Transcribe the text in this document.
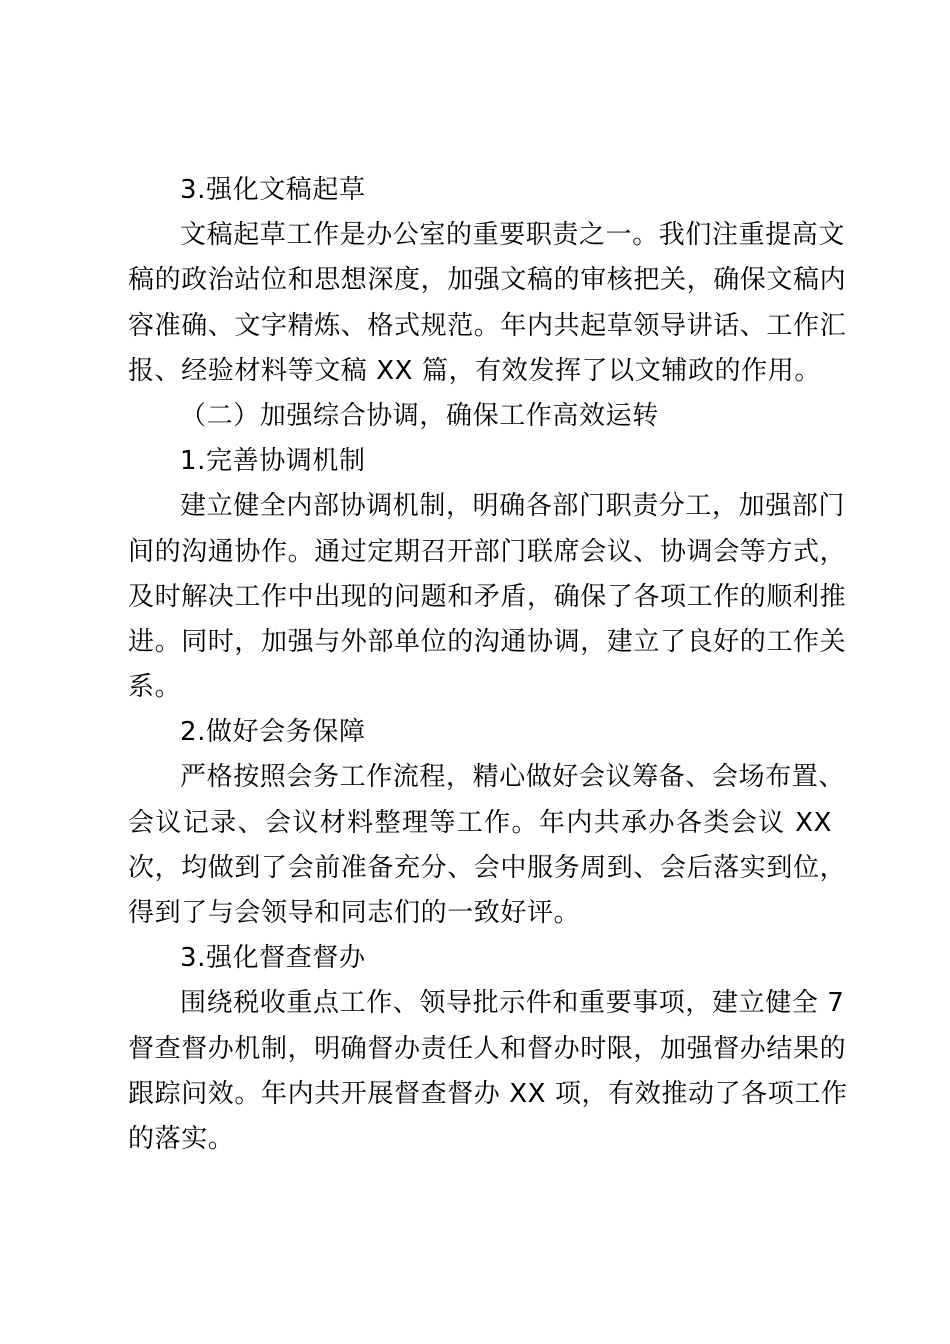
3.强化文稿起草
文稿起草工作是办公室的重要职责之一。我们注重提高文
稿的政治站位和思想深度，加强文稿的审核把关，确保文稿内
容准确、文字精炼、格式规范。年内共起草领导讲话、工作汇
报、经验材料等文稿 XX 篇，有效发挥了以文辅政的作用。
（二）加强综合协调，确保工作高效运转
1.完善协调机制
建立健全内部协调机制，明确各部门职责分工，加强部门
间的沟通协作。通过定期召开部门联席会议、协调会等方式，
及时解决工作中出现的问题和矛盾，确保了各项工作的顺利推
进。同时，加强与外部单位的沟通协调，建立了良好的工作关
系。
2.做好会务保障
严格按照会务工作流程，精心做好会议筹备、会场布置、
会议记录、会议材料整理等工作。年内共承办各类会议 XX
次，均做到了会前准备充分、会中服务周到、会后落实到位，
得到了与会领导和同志们的一致好评。
3.强化督查督办
围绕税收重点工作、领导批示件和重要事项，建立健全 7
督查督办机制，明确督办责任人和督办时限，加强督办结果的
跟踪问效。年内共开展督查督办 XX 项，有效推动了各项工作
的落实。
